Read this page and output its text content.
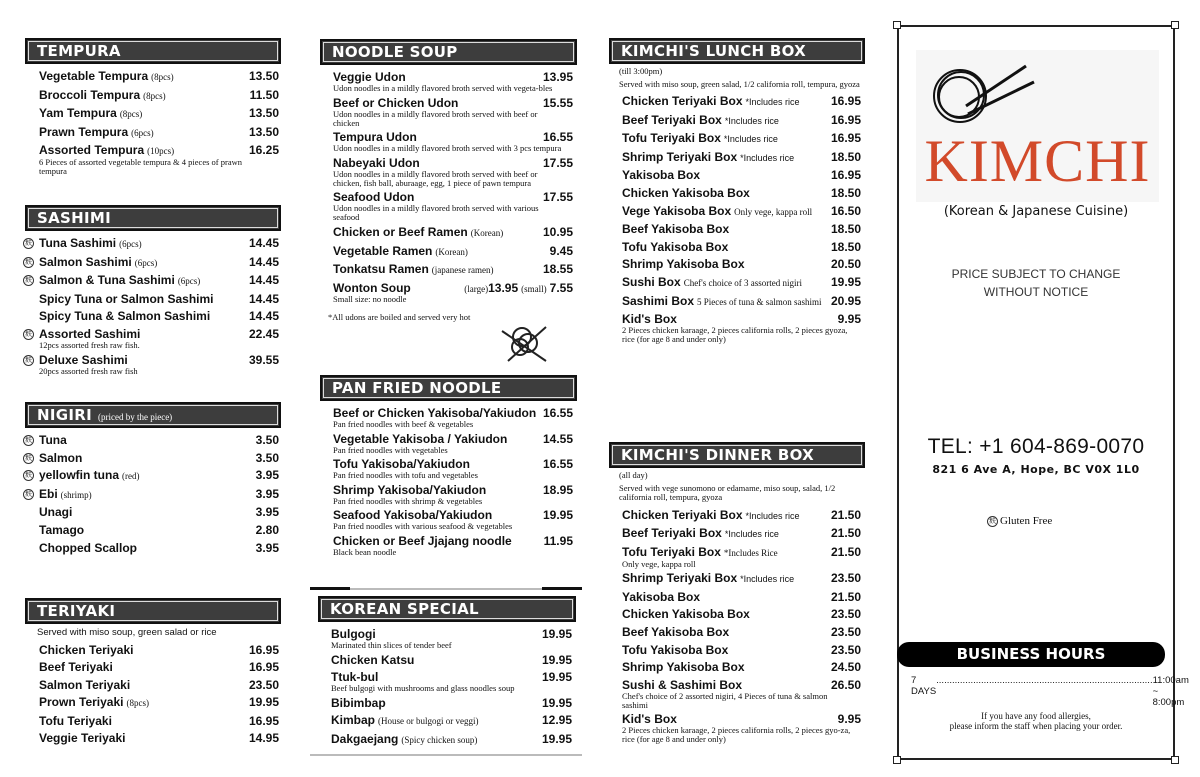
TEMPURA
Vegetable Tempura (8pcs)	13.50
Broccoli Tempura (8pcs)	11.50
Yam Tempura (8pcs)	13.50
Prawn Tempura (6pcs)	13.50
Assorted Tempura (10pcs)	16.25
6 Pieces of assorted vegetable tempura & 4 pieces of prawn tempura
SASHIMI
麸 Tuna Sashimi (6pcs)	14.45
麸 Salmon Sashimi (6pcs)	14.45
麸 Salmon & Tuna Sashimi (6pcs)	14.45
Spicy Tuna or Salmon Sashimi	14.45
Spicy Tuna & Salmon Sashimi	14.45
麸 Assorted Sashimi	22.45
12pcs assorted fresh raw fish.
麸 Deluxe Sashimi	39.55
20pcs assorted fresh raw fish
NIGIRI (priced by the piece)
麸 Tuna	3.50
麸 Salmon	3.50
麸 yellowfin tuna (red)	3.95
麸 Ebi (shrimp)	3.95
Unagi	3.95
Tamago	2.80
Chopped Scallop	3.95
TERIYAKI
Served with miso soup, green salad or rice
Chicken Teriyaki	16.95
Beef Teriyaki	16.95
Salmon Teriyaki	23.50
Prown Teriyaki (8pcs)	19.95
Tofu Teriyaki	16.95
Veggie Teriyaki	14.95
NOODLE SOUP
Veggie Udon	13.95
Udon noodles in a mildly flavored broth served with vegeta-bles
Beef or Chicken Udon	15.55
Udon noodles in a mildly flavored broth served with beef or chicken
Tempura Udon	16.55
Udon noodles in a mildly flavored broth served with 3 pcs tempura
Nabeyaki Udon	17.55
Udon noodles in a mildly flavored broth served with beef or chicken, fish ball, aburaage, egg, 1 piece of pawn tempura
Seafood Udon	17.55
Udon noodles in a mildly flavored broth served with various seafood
Chicken or Beef Ramen (Korean)	10.95
Vegetable Ramen (Korean)	9.45
Tonkatsu Ramen (japanese ramen)	18.55
Wonton Soup	(large)13.95 (small) 7.55
Small size: no noodle
*All udons are boiled and served very hot
PAN FRIED NOODLE
Beef or Chicken Yakisoba/Yakiudon 16.55
Pan fried noodles with beef & vegetables
Vegetable Yakisoba / Yakiudon	14.55
Pan fried noodles with vegetables
Tofu Yakisoba/Yakiudon	16.55
Pan fried noodles with tofu and vegetables
Shrimp Yakisoba/Yakiudon	18.95
Pan fried noodles with shrimp & vegetables
Seafood Yakisoba/Yakiudon	19.95
Pan fried noodles with various seafood & vegetables
Chicken or Beef Jjajang noodle	11.95
Black bean noodle
KOREAN SPECIAL
Bulgogi	19.95
Marinated thin slices of tender beef
Chicken Katsu	19.95
Ttuk-bul	19.95
Beef bulgogi with mushrooms and glass noodles soup
Bibimbap	19.95
Kimbap (House or bulgogi or veggi)	12.95
Dakgaejang (Spicy chicken soup)	19.95
KIMCHI'S LUNCH BOX
(till 3:00pm)
Served with miso soup, green salad, 1/2 california roll, tempura, gyoza
Chicken Teriyaki Box *Includes rice	16.95
Beef Teriyaki Box *Includes rice	16.95
Tofu Teriyaki Box *Includes rice	16.95
Shrimp Teriyaki Box *Includes rice	18.50
Yakisoba Box	16.95
Chicken Yakisoba Box	18.50
Vege Yakisoba Box Only vege, kappa roll 16.50
Beef Yakisoba Box	18.50
Tofu Yakisoba Box	18.50
Shrimp Yakisoba Box	20.50
Sushi Box Chef's choice of 3 assorted nigiri 19.95
Sashimi Box 5 Pieces of tuna & salmon sashimi 20.95
Kid's Box	9.95
2 Pieces chicken karaage, 2 pieces california rolls, 2 pieces gyoza, rice (for age 8 and under only)
KIMCHI'S DINNER BOX
(all day)
Served with vege sunomono or edamame, miso soup, salad, 1/2 california roll, tempura, gyoza
Chicken Teriyaki Box *Includes rice	21.50
Beef Teriyaki Box *Includes rice	21.50
Tofu Teriyaki Box *Includes Rice	21.50
Only vege, kappa roll
Shrimp Teriyaki Box *Includes rice	23.50
Yakisoba Box	21.50
Chicken Yakisoba Box	23.50
Beef Yakisoba Box	23.50
Tofu Yakisoba Box	23.50
Shrimp Yakisoba Box	24.50
Sushi & Sashimi Box	26.50
Chef's choice of 2 assorted nigiri, 4 Pieces of tuna & salmon sashimi
Kid's Box	9.95
2 Pieces chicken karaage, 2 pieces california rolls, 2 pieces gyo-za, rice (for age 8 and under only)
KIMCHI
(Korean & Japanese Cuisine)
PRICE SUBJECT TO CHANGE
WITHOUT NOTICE
TEL: +1 604-869-0070
821 6 Ave A, Hope, BC V0X 1L0
麸 Gluten Free
BUSINESS HOURS
7 DAYS
.................................................................................. 11:00am ~ 8:00pm
If you have any food allergies,
please inform the staff when placing your order.
